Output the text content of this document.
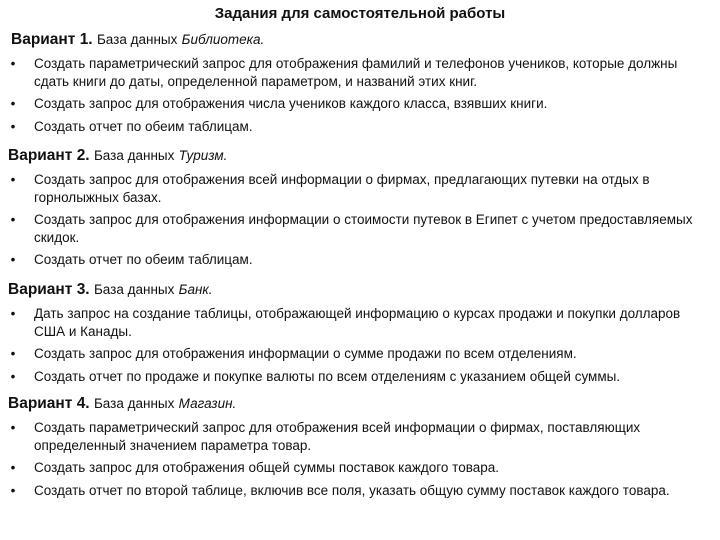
Задания для самостоятельной работы
Вариант 1. База данных Библиотека.
• Создать параметрический запрос для отображения фамилий и телефонов учеников, которые должны сдать книги до даты, определенной параметром, и названий этих книг.
• Создать запрос для отображения числа учеников каждого класса, взявших книги.
• Создать отчет по обеим таблицам.
Вариант 2. База данных Туризм.
• Создать запрос для отображения всей информации о фирмах, предлагающих путевки на отдых в горнолыжных базах.
• Создать запрос для отображения информации о стоимости путевок в Египет с учетом предоставляемых скидок.
• Создать отчет по обеим таблицам.
Вариант 3. База данных Банк.
• Дать запрос на создание таблицы, отображающей информацию о курсах продажи и покупки долларов США и Канады.
• Создать запрос для отображения информации о сумме продажи по всем отделениям.
• Создать отчет по продаже и покупке валюты по всем отделениям с указанием общей суммы.
Вариант 4. База данных Магазин.
• Создать параметрический запрос для отображения всей информации о фирмах, поставляющих определенный значением параметра товар.
• Создать запрос для отображения общей суммы поставок каждого товара.
• Создать отчет по второй таблице, включив все поля, указать общую сумму поставок каждого товара.
